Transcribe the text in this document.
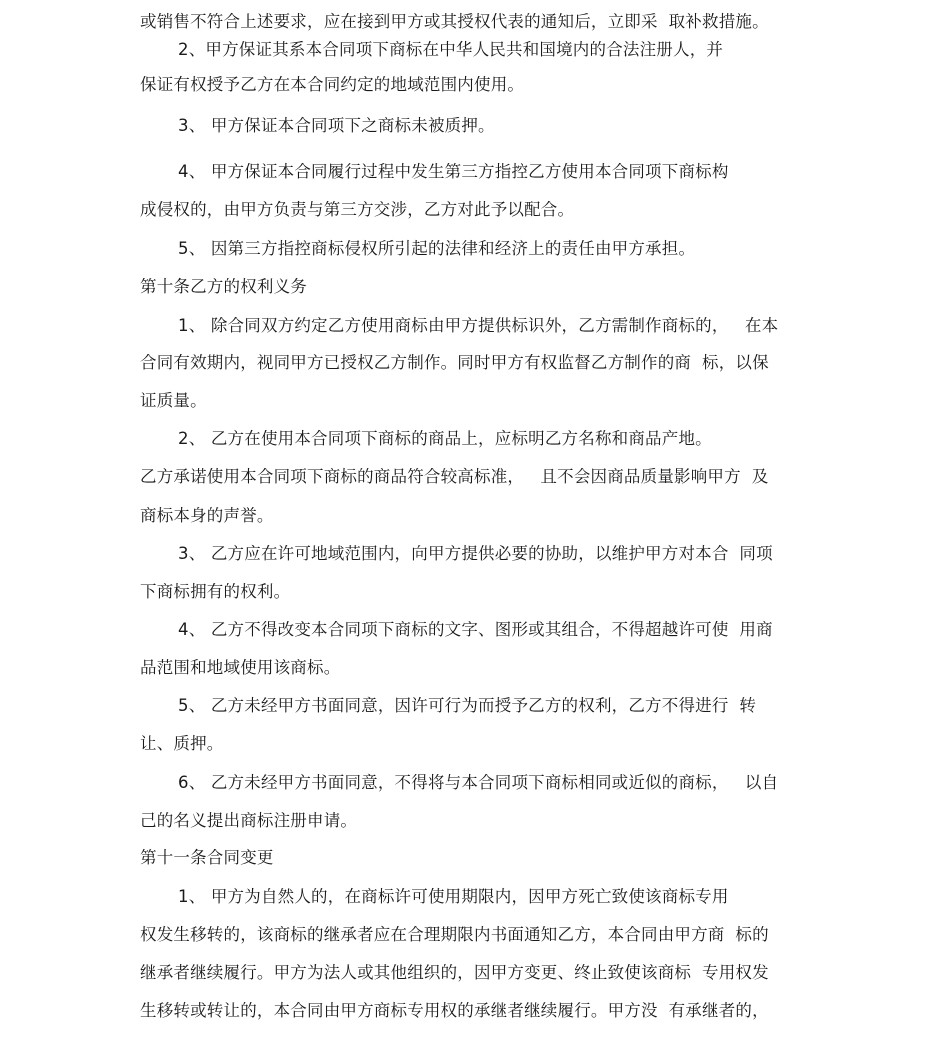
或销售不符合上述要求，应在接到甲方或其授权代表的通知后，立即采  取补救措施。
2、甲方保证其系本合同项下商标在中华人民共和国境内的合法注册人，并
保证有权授予乙方在本合同约定的地域范围内使用。
3、 甲方保证本合同项下之商标未被质押。
4、 甲方保证本合同履行过程中发生第三方指控乙方使用本合同项下商标构
成侵权的，由甲方负责与第三方交涉，乙方对此予以配合。
5、 因第三方指控商标侵权所引起的法律和经济上的责任由甲方承担。
第十条乙方的权利义务
1、 除合同双方约定乙方使用商标由甲方提供标识外，乙方需制作商标的，   在本
合同有效期内，视同甲方已授权乙方制作。同时甲方有权监督乙方制作的商  标，以保
证质量。
2、 乙方在使用本合同项下商标的商品上，应标明乙方名称和商品产地。
乙方承诺使用本合同项下商标的商品符合较高标准，   且不会因商品质量影响甲方  及
商标本身的声誉。
3、 乙方应在许可地域范围内，向甲方提供必要的协助，以维护甲方对本合  同项
下商标拥有的权利。
4、 乙方不得改变本合同项下商标的文字、图形或其组合，不得超越许可使  用商
品范围和地域使用该商标。
5、 乙方未经甲方书面同意，因许可行为而授予乙方的权利，乙方不得进行  转
让、质押。
6、 乙方未经甲方书面同意，不得将与本合同项下商标相同或近似的商标，   以自
己的名义提出商标注册申请。
第十一条合同变更
1、 甲方为自然人的，在商标许可使用期限内，因甲方死亡致使该商标专用
权发生移转的，该商标的继承者应在合理期限内书面通知乙方，本合同由甲方商  标的
继承者继续履行。甲方为法人或其他组织的，因甲方变更、终止致使该商标  专用权发
生移转或转让的，本合同由甲方商标专用权的承继者继续履行。甲方没  有承继者的，
